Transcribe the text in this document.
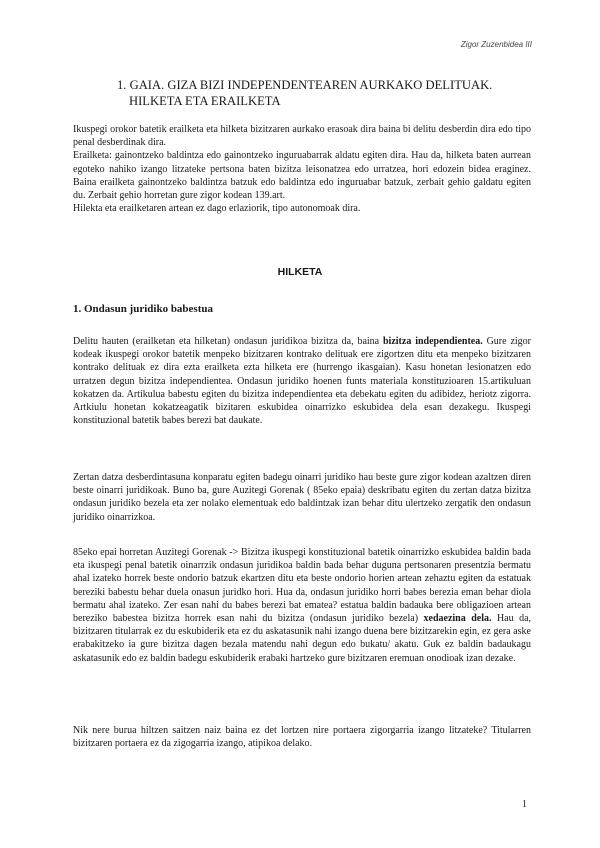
Zigor Zuzenbidea III
1. GAIA. GIZA BIZI INDEPENDENTEAREN AURKAKO DELITUAK.
HILKETA ETA ERAILKETA
Ikuspegi orokor batetik erailketa eta hilketa bizitzaren aurkako erasoak dira baina bi delitu desberdin dira edo tipo penal desberdinak dira.
Erailketa: gainontzeko baldintza edo gainontzeko inguruabarrak aldatu egiten dira. Hau da, hilketa baten aurrean egoteko nahiko izango litzateke pertsona baten bizitza leisonatzea edo urratzea, hori edozein bidea eraginez. Baina erailketa gainontzeko baldintza batzuk edo baldintza edo inguruabar batzuk, zerbait gehio galdatu egiten du. Zerbait gehio horretan gure zigor kodean 139.art.
Hilekta eta erailketaren artean ez dago erlaziorik, tipo autonomoak dira.
HILKETA
1. Ondasun juridiko babestua

Delitu hauten (erailketan eta hilketan) ondasun juridikoa bizitza da, baina bizitza independientea. Gure zigor kodeak ikuspegi orokor batetik menpeko bizitzaren kontrako delituak ere zigortzen ditu eta menpeko bizitzaren kontrako delituak ez dira ezta erailketa ezta hilketa ere (hurrengo ikasgaian). Kasu honetan lesionatzen edo urratzen degun bizitza independientea. Ondasun juridiko hoenen funts materiala konstituzioaren 15.artikuluan kokatzen da. Artikulua babestu egiten du bizitza independientea eta debekatu egiten du adibidez, heriotz zigorra. Artkiulu honetan kokatzeagatik bizitaren eskubidea oinarrizko eskubidea dela esan dezakegu. Ikuspegi konstituzional batetik babes berezi bat daukate.

Zertan datza desberdintasuna konparatu egiten badegu oinarri juridiko hau beste gure zigor kodean azaltzen diren beste oinarri juridikoak. Buno ba, gure Auzitegi Gorenak ( 85eko epaia) deskribatu egiten du zertan datza bizitza ondasun juridiko bezela eta zer nolako elementuak edo baldintzak izan behar ditu ulertzeko zergatik den ondasun juridiko oinarrizkoa.

85eko epai horretan Auzitegi Gorenak -> Bizitza ikuspegi konstituzional batetik oinarrizko eskubidea baldin bada eta ikuspegi penal batetik oinarrzik ondasun juridikoa baldin bada behar duguna pertsonaren presentzia bermatu ahal izateko horrek beste ondorio batzuk ekartzen ditu eta beste ondorio horien artean zehaztu egiten da estatuak bereziki babestu behar duela onasun juridko hori. Hua da, ondasun juridiko horri babes berezia eman behar diola bermatu ahal izateko. Zer esan nahi du babes berezi bat ematea? estatua baldin badauka bere obligazioen artean bereziko babestea bizitza horrek esan nahi du bizitza (ondasun juridiko bezela) xedaezina dela. Hau da, bizitzaren titularrak ez du eskubiderik eta ez du askatasunik nahi izango duena bere bizitzarekin egin, ez gera aske erabakitzeko ia gure bizitza dagen bezala matendu nahi degun edo bukatu/ akatu. Guk ez baldin badaukagu askatasunik edo ez baldin badegu eskubiderik erabaki hartzeko gure bizitzaren eremuan onodioak izan dezake.

Nik nere burua hiltzen saitzen naiz baina ez det lortzen nire portaera zigorgarria izango litzateke? Titularren bizitzaren portaera ez da zigogarria izango, atipikoa delako.

1
